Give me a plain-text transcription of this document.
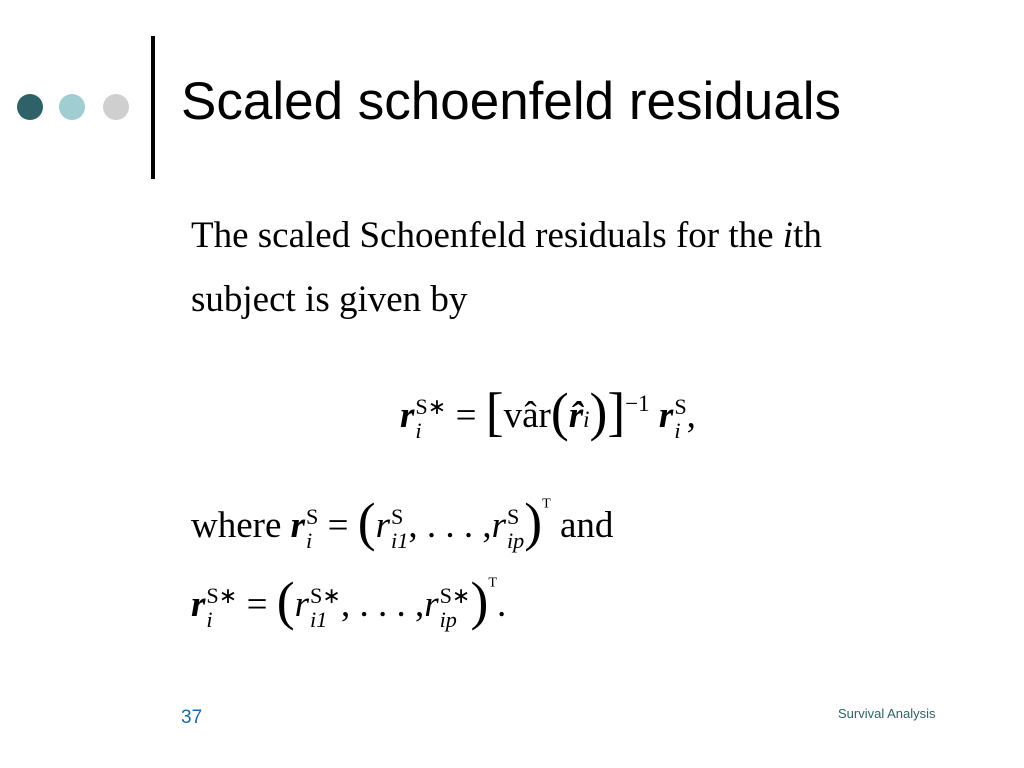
Scaled schoenfeld residuals
The scaled Schoenfeld residuals for the ith
subject is given by
r S∗
i = [vâr(r̂i)]−1 r S
i ,
where r S
i = (r S
i1 , . . . ,r S
ip )$^T$ and
r S∗
i = (r S∗
i1 , . . . ,r S∗
ip )$^T$.
37	Survival Analysis
